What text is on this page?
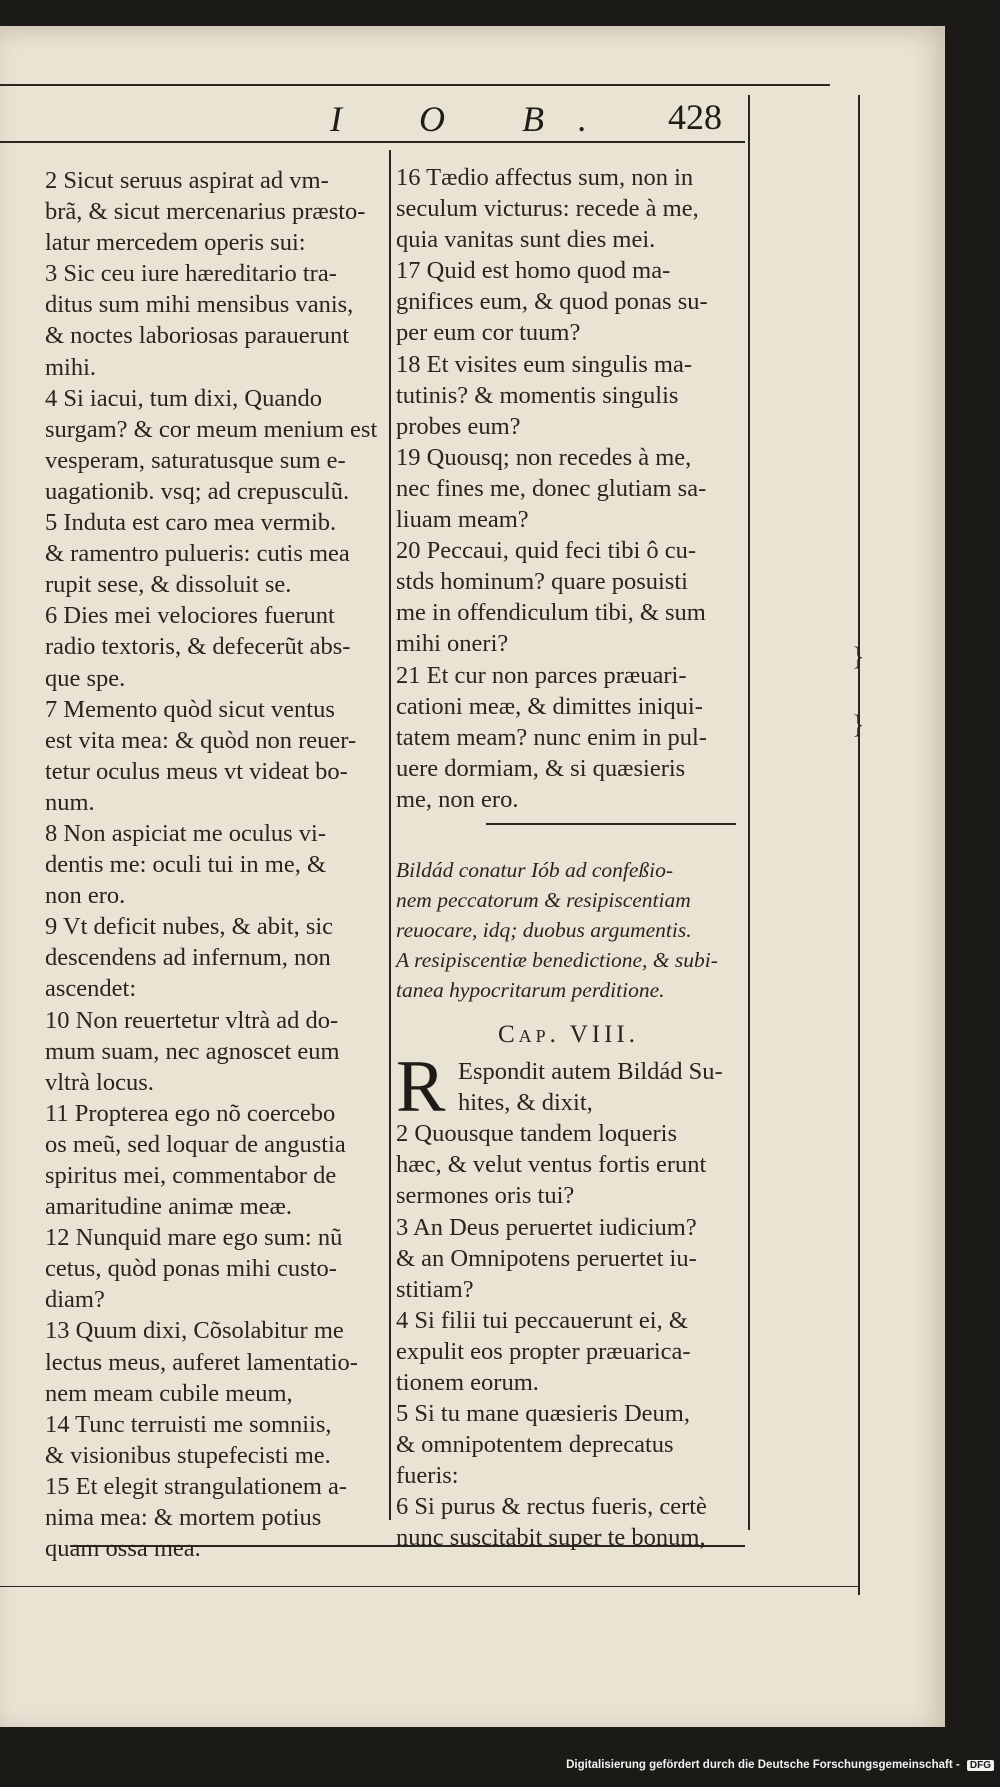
I O B. 428
}
}

2 Sicut seruus aspirat ad vm-

brã, & sicut mercenarius præsto-

latur mercedem operis sui:

3 Sic ceu iure hæreditario tra-

ditus sum mihi mensibus vanis,

& noctes laboriosas parauerunt

mihi.

4 Si iacui, tum dixi, Quando

surgam? & cor meum menium est

vesperam, saturatusque sum e-

uagationib. vsq; ad crepusculũ.

5 Induta est caro mea vermib.

& ramentro pulueris: cutis mea

rupit sese, & dissoluit se.

6 Dies mei velociores fuerunt

radio textoris, & defecerũt abs-

que spe.

7 Memento quòd sicut ventus

est vita mea: & quòd non reuer-

tetur oculus meus vt videat bo-

num.

8 Non aspiciat me oculus vi-

dentis me: oculi tui in me, &

non ero.

9 Vt deficit nubes, & abit, sic

descendens ad infernum, non

ascendet:

10 Non reuertetur vltrà ad do-

mum suam, nec agnoscet eum

vltrà locus.

11 Propterea ego nõ coercebo

os meũ, sed loquar de angustia

spiritus mei, commentabor de

amaritudine animæ meæ.

12 Nunquid mare ego sum: nũ

cetus, quòd ponas mihi custo-

diam?

13 Quum dixi, Cõsolabitur me

lectus meus, auferet lamentatio-

nem meam cubile meum,

14 Tunc terruisti me somniis,

& visionibus stupefecisti me.

15 Et elegit strangulationem a-

nima mea: & mortem potius

quam ossa mea.

16 Tædio affectus sum, non in

seculum victurus: recede à me,

quia vanitas sunt dies mei.

17 Quid est homo quod ma-

gnifices eum, & quod ponas su-

per eum cor tuum?

18 Et visites eum singulis ma-

tutinis? & momentis singulis

probes eum?

19 Quousq; non recedes à me,

nec fines me, donec glutiam sa-

liuam meam?

20 Peccaui, quid feci tibi ô cu-

stds hominum? quare posuisti

me in offendiculum tibi, & sum

mihi oneri?

21 Et cur non parces præuari-

cationi meæ, & dimittes iniqui-

tatem meam? nunc enim in pul-

uere dormiam, & si quæsieris

me, non ero.

Bildád conatur Iób ad confeßio-

nem peccatorum & resipiscentiam

reuocare, idq; duobus argumentis.

A resipiscentiæ benedictione, & subi-

tanea hypocritarum perditione.

Cap. VIII.

R Espondit autem Bildád Su-

hites, & dixit,

2 Quousque tandem loqueris

hæc, & velut ventus fortis erunt

sermones oris tui?

3 An Deus peruertet iudicium?

& an Omnipotens peruertet iu-

stitiam?

4 Si filii tui peccauerunt ei, &

expulit eos propter præuarica-

tionem eorum.

5 Si tu mane quæsieris Deum,

& omnipotentem deprecatus

fueris:

6 Si purus & rectus fueris, certè

nunc suscitabit super te bonum,

Digitalisierung gefördert durch die Deutsche Forschungsgemeinschaft - DFG
